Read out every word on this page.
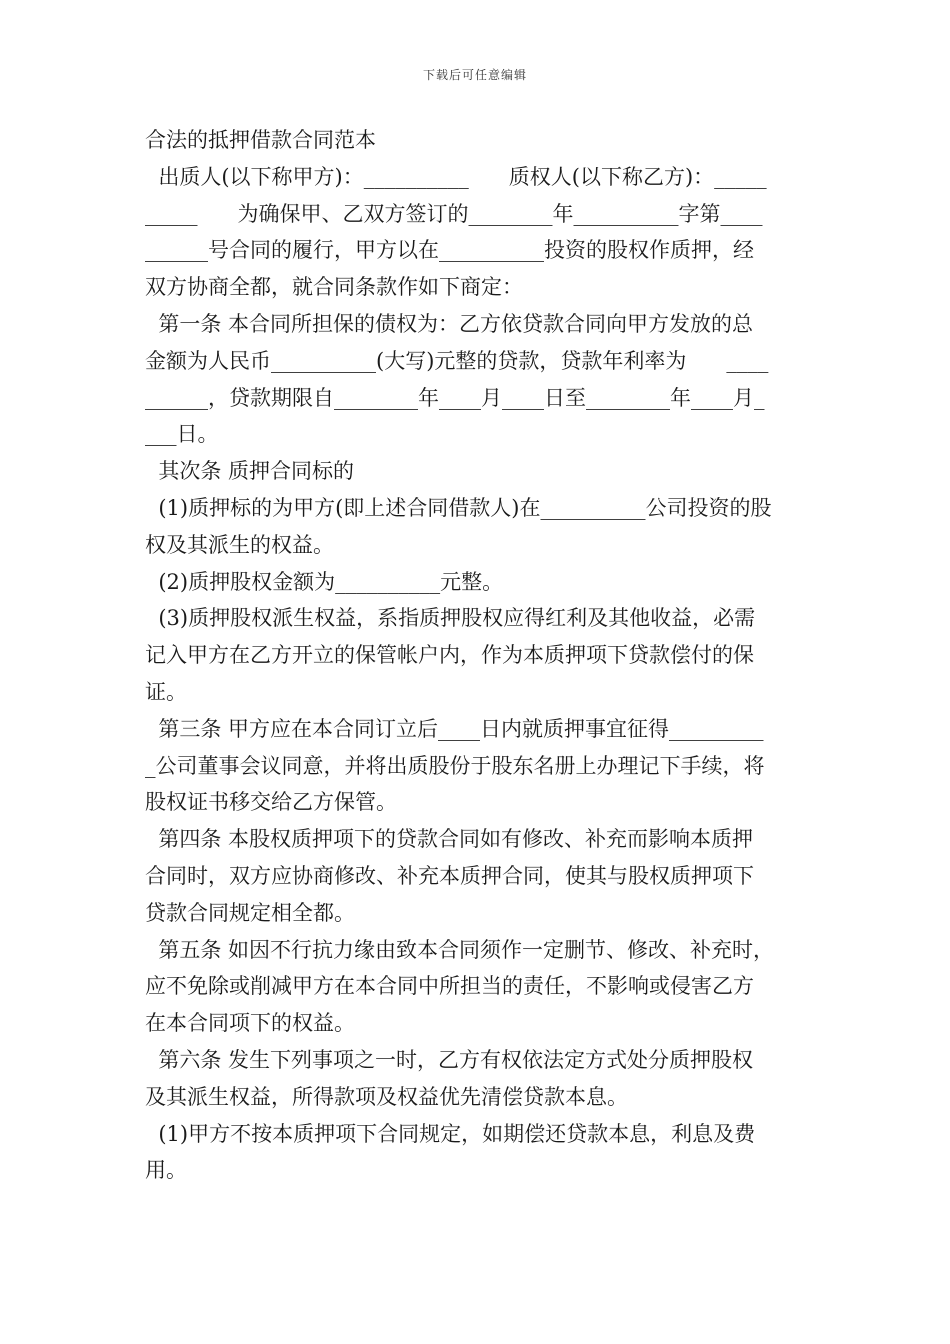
下载后可任意编辑
合法的抵押借款合同范本
出质人(以下称甲方)：__________      质权人(以下称乙方)：_____
_____      为确保甲、乙双方签订的________年__________字第____
______号合同的履行，甲方以在__________投资的股权作质押，经
双方协商全都，就合同条款作如下商定：
第一条 本合同所担保的债权为：乙方依贷款合同向甲方发放的总
金额为人民币__________(大写)元整的贷款，贷款年利率为      ____
______，贷款期限自________年____月____日至________年____月_
___日。
其次条 质押合同标的
(1)质押标的为甲方(即上述合同借款人)在__________公司投资的股
权及其派生的权益。
(2)质押股权金额为__________元整。
(3)质押股权派生权益，系指质押股权应得红利及其他收益，必需
记入甲方在乙方开立的保管帐户内，作为本质押项下贷款偿付的保
证。
第三条 甲方应在本合同订立后____日内就质押事宜征得_________
_公司董事会议同意，并将出质股份于股东名册上办理记下手续，将
股权证书移交给乙方保管。
第四条 本股权质押项下的贷款合同如有修改、补充而影响本质押
合同时，双方应协商修改、补充本质押合同，使其与股权质押项下
贷款合同规定相全都。
第五条 如因不行抗力缘由致本合同须作一定删节、修改、补充时，
应不免除或削减甲方在本合同中所担当的责任，不影响或侵害乙方
在本合同项下的权益。
第六条 发生下列事项之一时，乙方有权依法定方式处分质押股权
及其派生权益，所得款项及权益优先清偿贷款本息。
(1)甲方不按本质押项下合同规定，如期偿还贷款本息，利息及费
用。
